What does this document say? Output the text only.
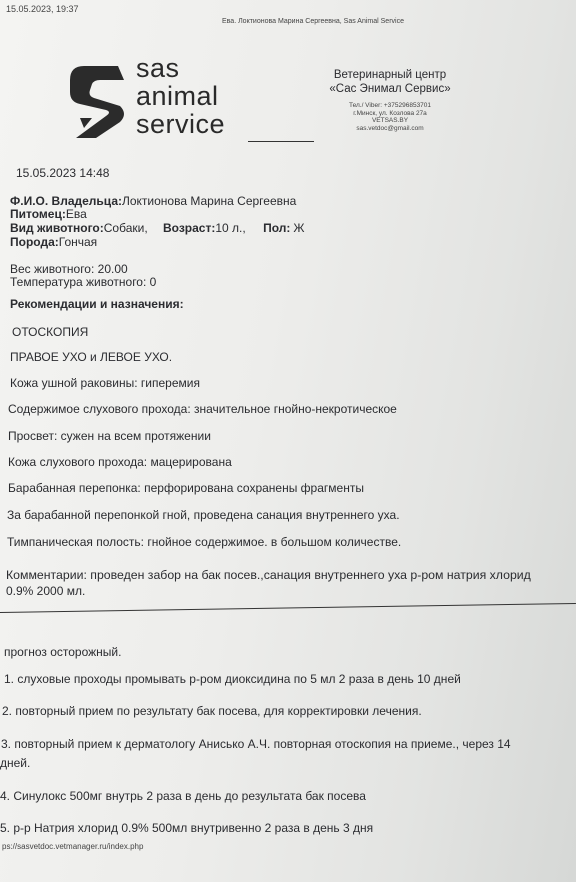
15.05.2023, 19:37
Ева. Локтионова Марина Сергеевна, Sas Animal Service
sas
animal
service
Ветеринарный центр
«Сас Энимал Сервис»
Тел./ Viber: +375296853701
г.Минск, ул. Козлова 27а
VETSAS.BY
sas.vetdoc@gmail.com
15.05.2023 14:48
Ф.И.О. Владельца:Локтионова Марина Сергеевна
Питомец:Ева
Вид животного:Собаки, Возраст:10 л., Пол: Ж
Порода:Гончая
Вес животного: 20.00
Температура животного: 0
Рекомендации и назначения:
ОТОСКОПИЯ
ПРАВОЕ УХО и ЛЕВОЕ УХО.
Кожа ушной раковины: гиперемия
Содержимое слухового прохода: значительное гнойно-некротическое
Просвет: сужен на всем протяжении
Кожа слухового прохода: мацерирована
Барабанная перепонка: перфорирована сохранены фрагменты
За барабанной перепонкой гной, проведена санация внутреннего уха.
Тимпаническая полость: гнойное содержимое. в большом количестве.
Комментарии: проведен забор на бак посев.,санация внутреннего уха р-ром натрия хлорид
0.9% 2000 мл.
прогноз осторожный.
1. слуховые проходы промывать р-ром диоксидина по 5 мл 2 раза в день 10 дней
2. повторный прием по результату бак посева, для корректировки лечения.
3. повторный прием к дерматологу Анисько А.Ч. повторная отоскопия на приеме., через 14
дней.
4. Синулокс 500мг внутрь 2 раза в день до результата бак посева
5. р-р Натрия хлорид 0.9% 500мл внутривенно 2 раза в день 3 дня
ps://sasvetdoc.vetmanager.ru/index.php
